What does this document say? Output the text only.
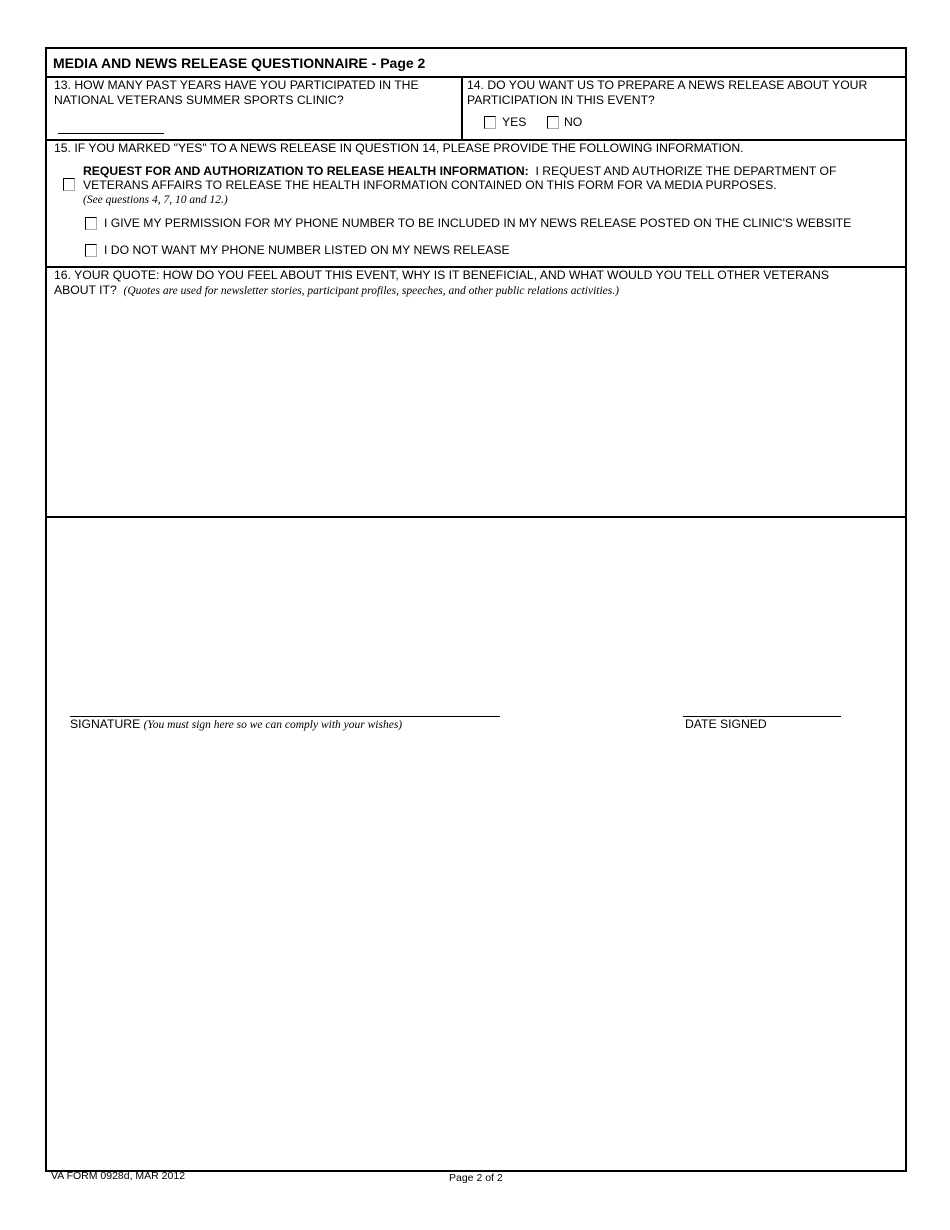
MEDIA AND NEWS RELEASE QUESTIONNAIRE - Page 2
13. HOW MANY PAST YEARS HAVE YOU PARTICIPATED IN THE
NATIONAL VETERANS SUMMER SPORTS CLINIC?
14. DO YOU WANT US TO PREPARE A NEWS RELEASE ABOUT YOUR
PARTICIPATION IN THIS EVENT?
YES	NO
15. IF YOU MARKED "YES" TO A NEWS RELEASE IN QUESTION 14, PLEASE PROVIDE THE FOLLOWING INFORMATION.
REQUEST FOR AND AUTHORIZATION TO RELEASE HEALTH INFORMATION:  I REQUEST AND AUTHORIZE THE DEPARTMENT OF
VETERANS AFFAIRS TO RELEASE THE HEALTH INFORMATION CONTAINED ON THIS FORM FOR VA MEDIA PURPOSES.
(See questions 4, 7, 10 and 12.)
I GIVE MY PERMISSION FOR MY PHONE NUMBER TO BE INCLUDED IN MY NEWS RELEASE POSTED ON THE CLINIC'S WEBSITE
I DO NOT WANT MY PHONE NUMBER LISTED ON MY NEWS RELEASE
16. YOUR QUOTE: HOW DO YOU FEEL ABOUT THIS EVENT, WHY IS IT BENEFICIAL, AND WHAT WOULD YOU TELL OTHER VETERANS
ABOUT IT? (Quotes are used for newsletter stories, participant profiles, speeches, and other public relations activities.)
SIGNATURE (You must sign here so we can comply with your wishes)	DATE SIGNED
VA FORM 0928d, MAR 2012	Page 2 of 2
